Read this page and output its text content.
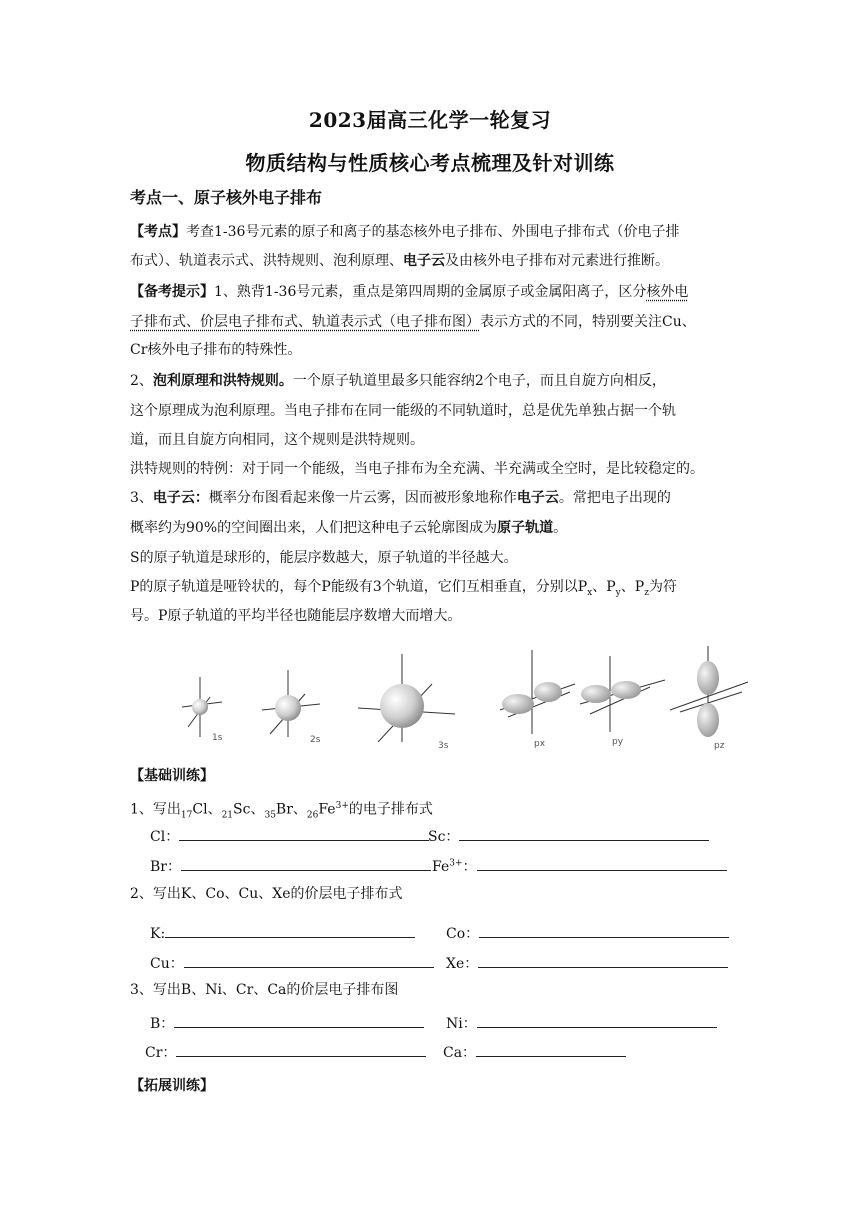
2023届高三化学一轮复习
物质结构与性质核心考点梳理及针对训练
考点一、原子核外电子排布
【考点】考查1-36号元素的原子和离子的基态核外电子排布、外围电子排布式（价电子排
布式）、轨道表示式、洪特规则、泡利原理、电子云及由核外电子排布对元素进行推断。
【备考提示】1、熟背1-36号元素，重点是第四周期的金属原子或金属阳离子，区分核外电
子排布式、价层电子排布式、轨道表示式（电子排布图）表示方式的不同，特别要关注Cu、
Cr核外电子排布的特殊性。
2、泡利原理和洪特规则。一个原子轨道里最多只能容纳2个电子，而且自旋方向相反，
这个原理成为泡利原理。当电子排布在同一能级的不同轨道时，总是优先单独占据一个轨
道，而且自旋方向相同，这个规则是洪特规则。
洪特规则的特例：对于同一个能级，当电子排布为全充满、半充满或全空时，是比较稳定的。
3、电子云：概率分布图看起来像一片云雾，因而被形象地称作电子云。常把电子出现的
概率约为90%的空间圈出来，人们把这种电子云轮廓图成为原子轨道。
S的原子轨道是球形的，能层序数越大，原子轨道的半径越大。
P的原子轨道是哑铃状的，每个P能级有3个轨道，它们互相垂直，分别以$P_x$、$P_y$、$P_z$为符
号。P原子轨道的平均半径也随能层序数增大而增大。
1s	2s
3s	px	py	pz
【基础训练】
1、写出$_{17}$Cl、$_{21}$Sc、$_{35}$Br、$_{26}Fe^{3+}$的电子排布式
Cl：	Sc：
Br：	$Fe^{3+}$：
2、写出K、Co、Cu、Xe的价层电子排布式
K:	Co：
Cu：	Xe：
3、写出B、Ni、Cr、Ca的价层电子排布图
B：	Ni：
Cr：	Ca：
【拓展训练】
